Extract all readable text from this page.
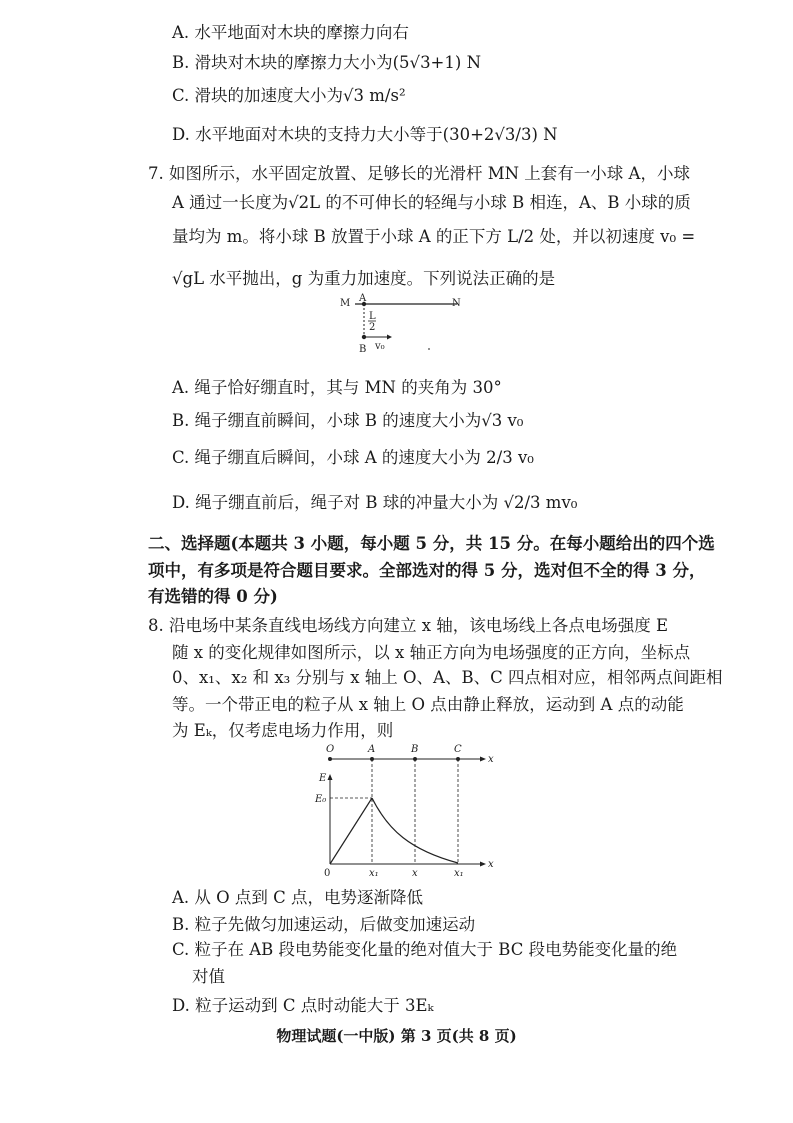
A. 水平地面对木块的摩擦力向右
B. 滑块对木块的摩擦力大小为(5√3+1) N
C. 滑块的加速度大小为√3 m/s²
D. 水平地面对木块的支持力大小等于(30+2√3/3) N
7. 如图所示，水平固定放置、足够长的光滑杆 MN 上套有一小球 A，小球
A 通过一长度为√2L 的不可伸长的轻绳与小球 B 相连，A、B 小球的质
量均为 m。将小球 B 放置于小球 A 的正下方 L/2 处，并以初速度 v₀ =
√gL 水平抛出，g 为重力加速度。下列说法正确的是
M A	N
L
2
B v₀
A. 绳子恰好绷直时，其与 MN 的夹角为 30°
B. 绳子绷直前瞬间，小球 B 的速度大小为√3 v₀
C. 绳子绷直后瞬间，小球 A 的速度大小为 2/3 v₀
D. 绳子绷直前后，绳子对 B 球的冲量大小为 √2/3 mv₀
二、选择题(本题共 3 小题，每小题 5 分，共 15 分。在每小题给出的四个选
项中，有多项是符合题目要求。全部选对的得 5 分，选对但不全的得 3 分，
有选错的得 0 分)
8. 沿电场中某条直线电场线方向建立 x 轴，该电场线上各点电场强度 E
随 x 的变化规律如图所示，以 x 轴正方向为电场强度的正方向，坐标点
0、x₁、x₂ 和 x₃ 分别与 x 轴上 O、A、B、C 四点相对应，相邻两点间距相
等。一个带正电的粒子从 x 轴上 O 点由静止释放，运动到 A 点的动能
为 Eₖ，仅考虑电场力作用，则
O	A	B	C
x
E
E₀
0	x₁	x	x₁
x
A. 从 O 点到 C 点，电势逐渐降低
B. 粒子先做匀加速运动，后做变加速运动
C. 粒子在 AB 段电势能变化量的绝对值大于 BC 段电势能变化量的绝
对值
D. 粒子运动到 C 点时动能大于 3Eₖ
物理试题(一中版) 第 3 页(共 8 页)
